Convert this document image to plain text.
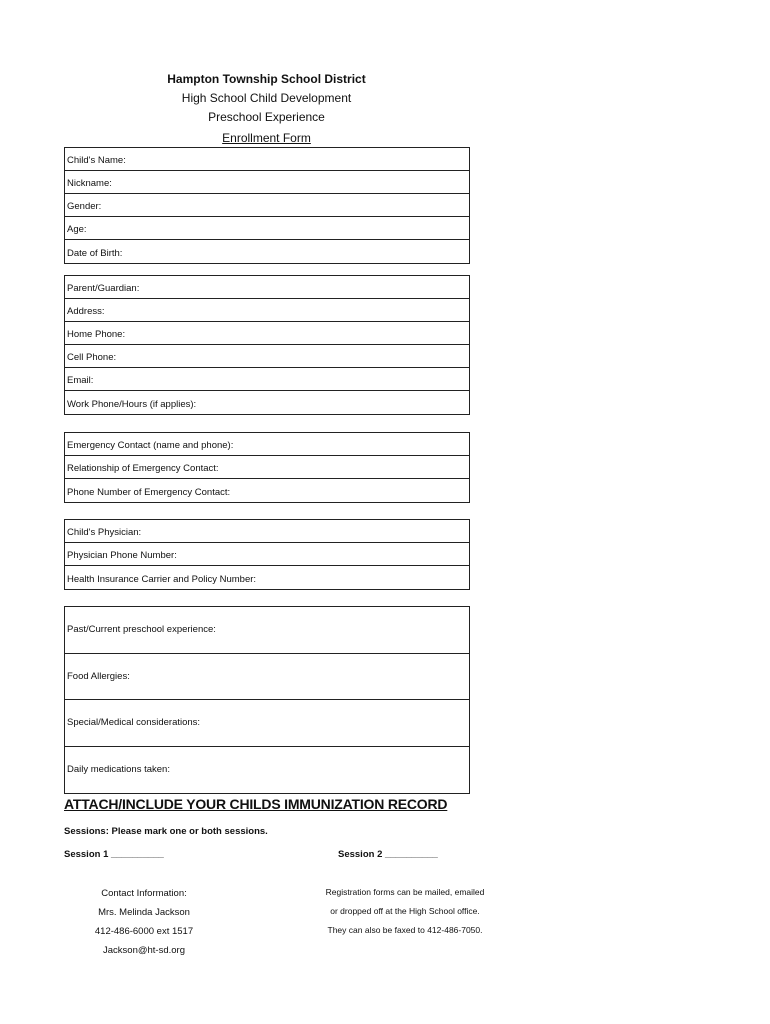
Hampton Township School District
High School Child Development
Preschool Experience
Enrollment Form
Child's Name:
Nickname:
Gender:
Age:
Date of Birth:
Parent/Guardian:
Address:
Home Phone:
Cell Phone:
Email:
Work Phone/Hours (if applies):
Emergency Contact (name and phone):
Relationship of Emergency Contact:
Phone Number of Emergency Contact:
Child's Physician:
Physician Phone Number:
Health Insurance Carrier and Policy Number:
Past/Current preschool experience:
Food Allergies:
Special/Medical considerations:
Daily medications taken:
ATTACH/INCLUDE YOUR CHILDS IMMUNIZATION RECORD
Sessions: Please mark one or both sessions.
Session 1 __________	Session 2 __________
Contact Information:
Mrs. Melinda Jackson
412-486-6000 ext 1517
Jackson@ht-sd.org
Registration forms can be mailed, emailed
or dropped off at the High School office.
They can also be faxed to 412-486-7050.
